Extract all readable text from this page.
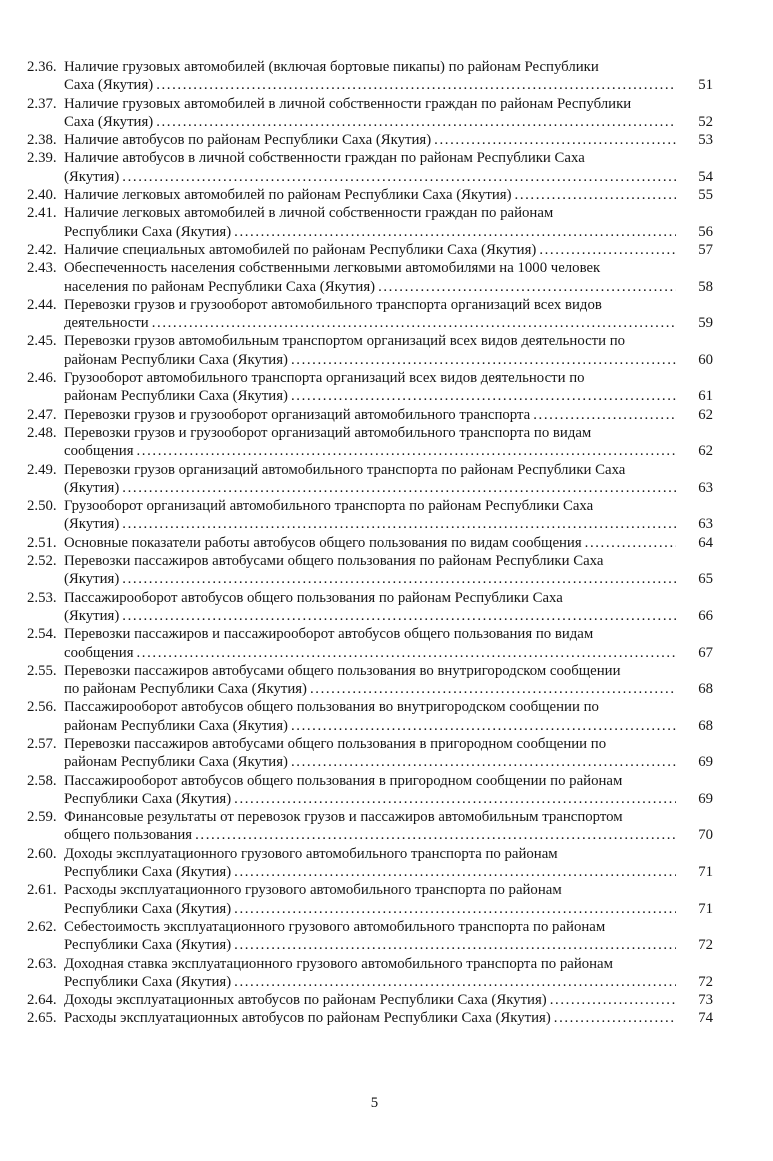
2.36. Наличие грузовых автомобилей (включая бортовые пикапы) по районам Республики
Саха (Якутия) .....	51
2.37. Наличие грузовых автомобилей в личной собственности граждан по районам Республики
Саха (Якутия) .....	52
2.38. Наличие автобусов по районам Республики Саха (Якутия) .....	53
2.39. Наличие автобусов в личной собственности граждан по районам Республики Саха
(Якутия) .....	54
2.40. Наличие легковых автомобилей по районам Республики Саха (Якутия) .....	55
2.41. Наличие легковых автомобилей в личной собственности граждан по районам
Республики Саха (Якутия) .....	56
2.42. Наличие специальных автомобилей по районам Республики Саха (Якутия) .....	57
2.43. Обеспеченность населения собственными легковыми автомобилями на 1000 человек
населения по районам Республики Саха (Якутия) .....	58
2.44. Перевозки грузов и грузооборот автомобильного транспорта организаций всех видов
деятельности .....	59
2.45. Перевозки грузов автомобильным транспортом организаций всех видов деятельности по
районам Республики Саха (Якутия) .....	60
2.46. Грузооборот автомобильного транспорта организаций всех видов деятельности по
районам Республики Саха (Якутия) .....	61
2.47. Перевозки грузов и грузооборот организаций автомобильного транспорта .....	62
2.48. Перевозки грузов и грузооборот организаций автомобильного транспорта по видам
сообщения .....	62
2.49. Перевозки грузов организаций автомобильного транспорта по районам Республики Саха
(Якутия) .....	63
2.50. Грузооборот организаций автомобильного транспорта по районам Республики Саха
(Якутия) .....	63
2.51. Основные показатели работы автобусов общего пользования по видам сообщения .....	64
2.52. Перевозки пассажиров автобусами общего пользования по районам Республики Саха
(Якутия) .....	65
2.53. Пассажирооборот автобусов общего пользования по районам Республики Саха
(Якутия) .....	66
2.54. Перевозки пассажиров и пассажирооборот автобусов общего пользования по видам
сообщения .....	67
2.55. Перевозки пассажиров автобусами общего пользования во внутригородском сообщении
по районам Республики Саха (Якутия) .....	68
2.56. Пассажирооборот автобусов общего пользования во внутригородском сообщении по
районам Республики Саха (Якутия) .....	68
2.57. Перевозки пассажиров автобусами общего пользования в пригородном сообщении по
районам Республики Саха (Якутия) .....	69
2.58. Пассажирооборот автобусов общего пользования в пригородном сообщении по районам
Республики Саха (Якутия) .....	69
2.59. Финансовые результаты от перевозок грузов и пассажиров автомобильным транспортом
общего пользования .....	70
2.60. Доходы эксплуатационного грузового автомобильного транспорта по районам
Республики Саха (Якутия) .....	71
2.61. Расходы эксплуатационного грузового автомобильного транспорта по районам
Республики Саха (Якутия) .....	71
2.62. Себестоимость эксплуатационного грузового автомобильного транспорта по районам
Республики Саха (Якутия) .....	72
2.63. Доходная ставка эксплуатационного грузового автомобильного транспорта по районам
Республики Саха (Якутия) .....	72
2.64. Доходы эксплуатационных автобусов по районам Республики Саха (Якутия) .....	73
2.65. Расходы эксплуатационных автобусов по районам Республики Саха (Якутия) .....	74
5
